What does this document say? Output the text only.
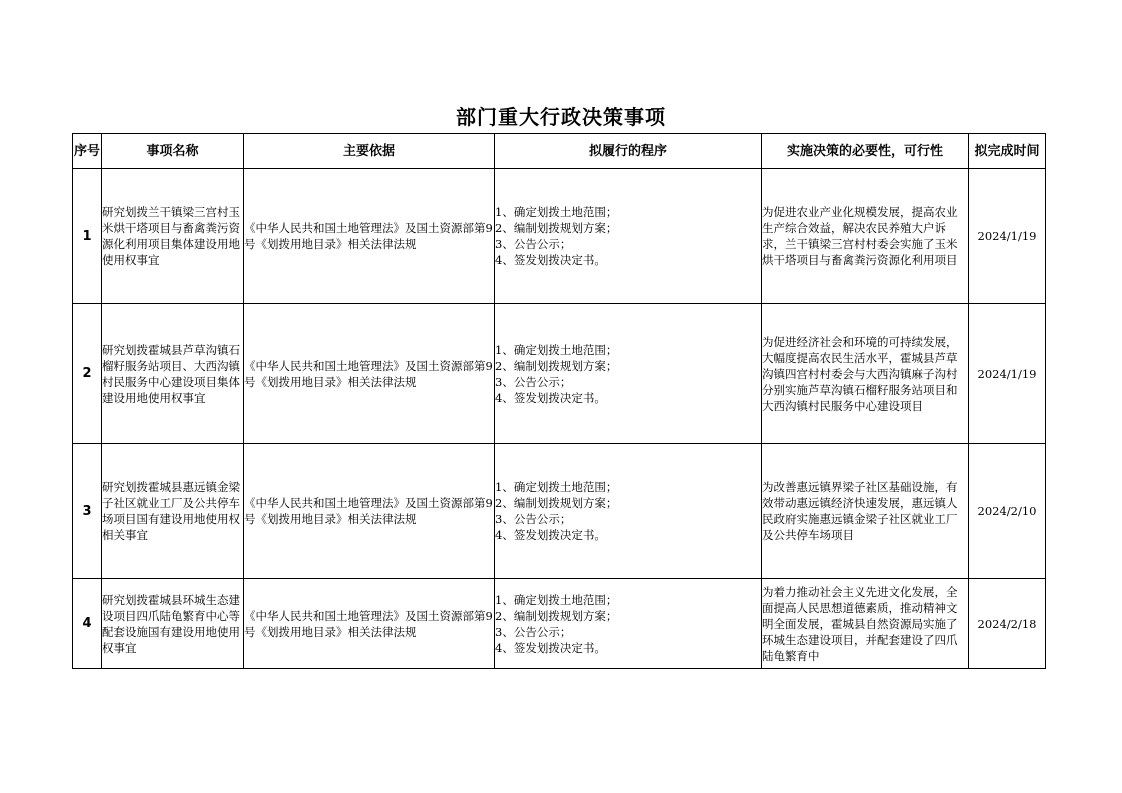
部门重大行政决策事项
序号	事项名称	主要依据	拟履行的程序	实施决策的必要性，可行性	拟完成时间
1	研究划拨兰干镇梁三宫村玉米烘干塔项目与畜禽粪污资源化利用项目集体建设用地使用权事宜	《中华人民共和国土地管理法》及国土资源部第9号《划拨用地目录》相关法律法规	1、确定划拨土地范围；
2、编制划拨规划方案；
3、公告公示；
4、签发划拨决定书。	为促进农业产业化规模发展，提高农业生产综合效益，解决农民养殖大户诉求，兰干镇梁三宫村村委会实施了玉米烘干塔项目与畜禽粪污资源化利用项目	2024/1/19
2	研究划拨霍城县芦草沟镇石榴籽服务站项目、大西沟镇村民服务中心建设项目集体建设用地使用权事宜	《中华人民共和国土地管理法》及国土资源部第9号《划拨用地目录》相关法律法规	1、确定划拨土地范围；
2、编制划拨规划方案；
3、公告公示；
4、签发划拨决定书。	为促进经济社会和环境的可持续发展，大幅度提高农民生活水平，霍城县芦草沟镇四宫村村委会与大西沟镇麻子沟村分别实施芦草沟镇石榴籽服务站项目和大西沟镇村民服务中心建设项目	2024/1/19
3	研究划拨霍城县惠远镇金梁子社区就业工厂及公共停车场项目国有建设用地使用权相关事宜	《中华人民共和国土地管理法》及国土资源部第9号《划拨用地目录》相关法律法规	1、确定划拨土地范围；
2、编制划拨规划方案；
3、公告公示；
4、签发划拨决定书。	为改善惠远镇界梁子社区基础设施，有效带动惠远镇经济快速发展，惠远镇人民政府实施惠远镇金梁子社区就业工厂及公共停车场项目	2024/2/10
4	研究划拨霍城县环城生态建设项目四爪陆龟繁育中心等配套设施国有建设用地使用权事宜	《中华人民共和国土地管理法》及国土资源部第9号《划拨用地目录》相关法律法规	1、确定划拨土地范围；
2、编制划拨规划方案；
3、公告公示；
4、签发划拨决定书。	为着力推动社会主义先进文化发展，全面提高人民思想道德素质，推动精神文明全面发展，霍城县自然资源局实施了环城生态建设项目，并配套建设了四爪陆龟繁育中	2024/2/18
